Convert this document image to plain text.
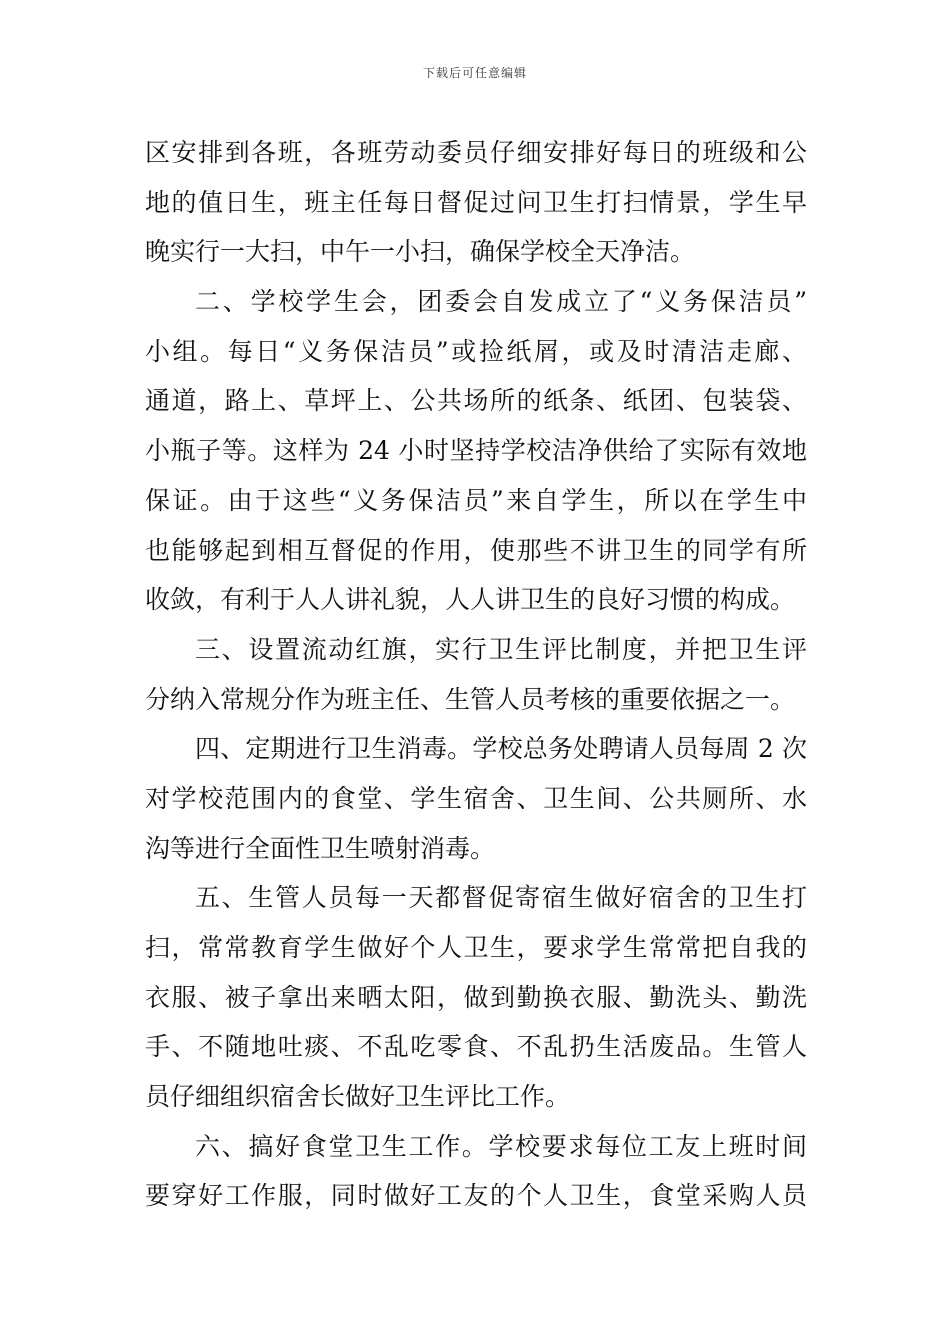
下载后可任意编辑
区安排到各班，各班劳动委员仔细安排好每日的班级和公
地的值日生，班主任每日督促过问卫生打扫情景，学生早
晚实行一大扫，中午一小扫，确保学校全天净洁。
二、学校学生会，团委会自发成立了“义务保洁员”
小组。每日“义务保洁员”或捡纸屑，或及时清洁走廊、
通道，路上、草坪上、公共场所的纸条、纸团、包装袋、
小瓶子等。这样为 24 小时坚持学校洁净供给了实际有效地
保证。由于这些“义务保洁员”来自学生，所以在学生中
也能够起到相互督促的作用，使那些不讲卫生的同学有所
收敛，有利于人人讲礼貌，人人讲卫生的良好习惯的构成。
三、设置流动红旗，实行卫生评比制度，并把卫生评
分纳入常规分作为班主任、生管人员考核的重要依据之一。
四、定期进行卫生消毒。学校总务处聘请人员每周 2 次
对学校范围内的食堂、学生宿舍、卫生间、公共厕所、水
沟等进行全面性卫生喷射消毒。
五、生管人员每一天都督促寄宿生做好宿舍的卫生打
扫，常常教育学生做好个人卫生，要求学生常常把自我的
衣服、被子拿出来晒太阳，做到勤换衣服、勤洗头、勤洗
手、不随地吐痰、不乱吃零食、不乱扔生活废品。生管人
员仔细组织宿舍长做好卫生评比工作。
六、搞好食堂卫生工作。学校要求每位工友上班时间
要穿好工作服，同时做好工友的个人卫生，食堂采购人员
